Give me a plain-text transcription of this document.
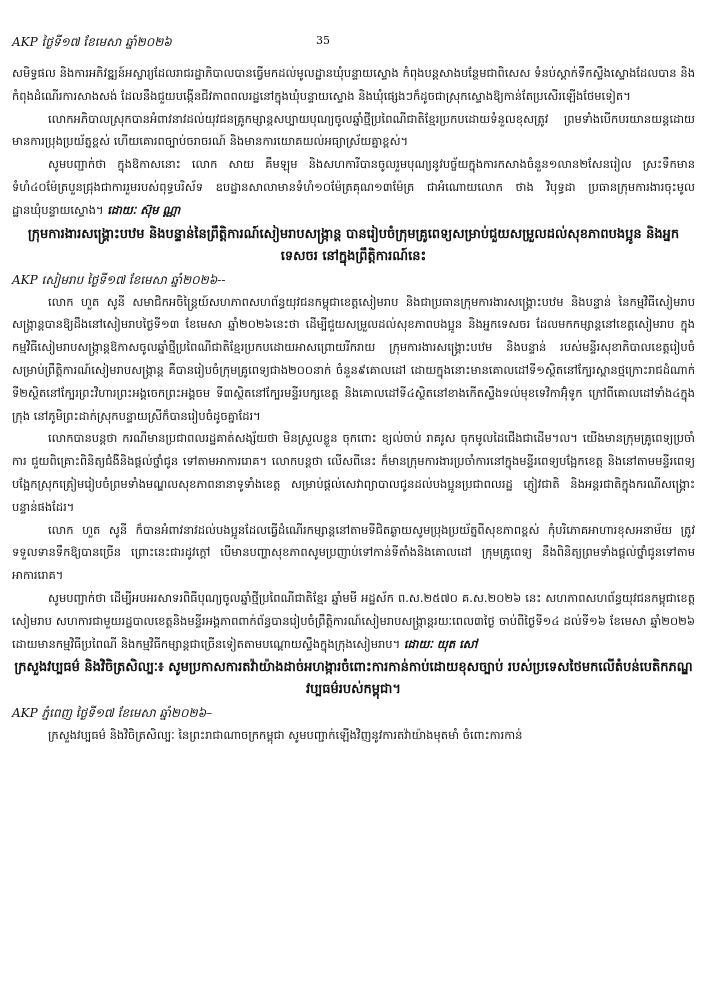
AKP ថ្ងៃទី១៧ ខែមេសា ឆ្នាំ២០២៦	35

សមិទ្ធផល និងការអភិវឌ្ឍន៍អស្ចារ្យដែលរាជរដ្ឋាភិបាលបានធ្វើមកដល់មូលដ្ឋានឃុំបន្ទាយស្ទោង កំពុងបន្តសាងបន្ថែមជាពិសេស ទំនប់ស្តាក់ទឹកស្ទឹងស្ទោងដែលបាន និងកំពុងដំណើរការសាងសង់ ដែលនឹងជួយបង្កើនជីវភាពពលរដ្ឋនៅក្នុងឃុំបន្ទាយស្ទោង និងឃុំផ្សេងៗក៏ដូចជាស្រុកស្ទោងឱ្យកាន់តែប្រសើរឡើងថែមទៀត។

លោកអភិបាលស្រុកបានអំពាវនាវដល់យុវជនគ្រូកម្សាន្តសប្បាយបុណ្យចូលឆ្នាំថ្មីប្រពៃណីជាតិខ្មែរប្រកបដោយទំនួលខុសត្រូវ ព្រមទាំងបើកបរយានយន្តដោយមានការប្រុងប្រយ័ត្នខ្ពស់ ហើយគោរពច្បាប់ចរាចរណ៍ និងមានការយោគយល់អធ្យាស្រ័យគ្នាខ្ពស់។

សូមបញ្ជាក់ថា ក្នុងឱកាសនោះ លោក សាយ គឹមឡុម និងសហការីបានចូលរួមបុណ្យនូវបច្ច័យក្នុងការកសាងចំនួន១លាន២សែនរៀល ស្រះទឹកមានទំហំ៤០ម៉ែត្របួនជ្រុងជាការរួមរបស់ពុទ្ធបរិស័ទ ឧបដ្ឋានសាលាមានទំហំ១០ម៉ែត្រគុណ១៣ម៉ែត្រ ជាអំណោយលោក ថាង វិបុទ្ធដា ប្រធានក្រុមការងារចុះមូលដ្ឋានឃុំបន្ទាយស្ទោង។ ដោយៈ ស៊ុម ណ្ណា

ក្រុមការងារសង្គ្រោះបឋម និងបន្ទាន់នៃព្រឹត្តិការណ៍សៀមរាបសង្ក្រាន្ត បានរៀបចំក្រុមគ្រូពេទ្យសម្រាប់ជួយសម្រួលដល់សុខភាពបងប្អូន និងអ្នកទេសចរ នៅក្នុងព្រឹត្តិការណ៍នេះ

AKP សៀមរាប ថ្ងៃទី១៧ ខែមេសា ឆ្នាំ២០២៦--

លោក ហួត សូនី សមាជិកអចិន្ត្រៃយ៍សហភាពសហព័ន្ធយុវជនកម្ពុជាខេត្តសៀមរាប និងជាប្រធានក្រុមការងារសង្គ្រោះបឋម និងបន្ទាន់ នៃកម្មវិធីសៀមរាបសង្ក្រាន្តបានឱ្យដឹងនៅសៀមរាបថ្ងៃទី១៣ ខែមេសា ឆ្នាំ២០២៦នេះថា ដើម្បីជួយសម្រួលដល់សុខភាពបងប្អូន និងអ្នកទេសចរ ដែលមកកម្សាន្តនៅខេត្តសៀមរាប ក្នុងកម្មវិធីសៀមរាបសង្ក្រាន្តឱកាសចូលឆ្នាំថ្មីប្រពៃណីជាតិខ្មែរប្រកបដោយអាសព្រោយរីករាយ ក្រុមការងារសង្គ្រោះបឋម និងបន្ទាន់ របស់មន្ទីរសុខាភិបាលខេត្តរៀបចំសម្រាប់ព្រឹត្តិការណ៍សៀមរាបសង្ក្រាន្ត គឺបានរៀបចំក្រុមគ្រូពេទ្យជាង២០០នាក់ ចំនួន៩គោលដៅ ដោយក្នុងនោះមានគោលដៅទី១ស្ថិតនៅក្បែរស្ពានថ្មក្រោះរាជដំណាក់ ទី២ស្ថិតនៅក្បែរព្រះវិហារព្រះអង្គចេកព្រះអង្គចម ទី៣ស្ថិតនៅក្បែរមន្ទីរបក្សខេត្ត និងគោលដៅទី៤ស្ថិតនៅខាងកើតស្ទឹងទល់មុខទេវិកាអ៊ុំទូក ក្រៅពីគោលដៅទាំង៤ក្នុងក្រុង នៅភូមិព្រះដាក់ស្រុកបន្ទាយស្រីក៏បានរៀបចំដូចគ្នាដែរ។

លោកបានបន្តថា ករណីមានប្រជាពលរដ្ឋគាត់សង្ស័យថា មិនស្រួលខ្លួន ចុកពោះ ខ្យល់ចាប់ រាគរូស ចុកមូលដៃជើងជាដើម។ល។ យើងមានក្រុមគ្រូពេទ្យប្រចាំការ ជួយពិគ្រោះពិនិត្យជំងឺនិងផ្តល់ថ្នាំជូន ទៅតាមអាការរោគ។ លោកបន្តថា លើសពីនេះ ក៏មានក្រុមការងារប្រចាំការនៅក្នុងមន្ទីរពេទ្យបង្អែកខេត្ត និងនៅតាមមន្ទីរពេទ្យបង្អែកស្រុកត្រៀមរៀបចំព្រមទាំងមណ្ឌលសុខភាពនានាទូទាំងខេត្ត សម្រាប់ផ្តល់សេវាព្យាបាលជូនដល់បងប្អូនប្រជាពលរដ្ឋ ភ្ញៀវជាតិ និងអន្តរជាតិក្នុងករណីសង្គ្រោះបន្ទាន់ផងដែរ។

លោក ហួត សូនី ក៏បានអំពាវនាវដល់បងប្អូនដែលធ្វើដំណើរកម្សាន្តនៅតាមទីជិតឆ្ងាយសូមប្រុងប្រយ័ត្នពីសុខភាពខ្ពស់ កុំបរិភោគអាហារខុសអនាម័យ ត្រូវទទួលទានទឹកឱ្យបានច្រើន ព្រោះនេះជារដូវក្តៅ បើមានបញ្ហាសុខភាពសូមប្រញាប់ទៅកាន់ទីតាំងនិងគោលដៅ ក្រុមគ្រូពេទ្យ នឹងពិនិត្យព្រមទាំងផ្តល់ថ្នាំជូនទៅតាមអាការរោគ។

សូមបញ្ជាក់ថា ដើម្បីអបអរសាទរពិធីបុណ្យចូលឆ្នាំថ្មីប្រពៃណីជាតិខ្មែរ ឆ្នាំមមី អដ្ឋស័ក ព.ស.២៥៧០ គ.ស.២០២៦ នេះ សហភាពសហព័ន្ធយុវជនកម្ពុជាខេត្តសៀមរាប សហការជាមួយរដ្ឋបាលខេត្តនិងមន្ទីរអង្គភាពពាក់ព័ន្ធបានរៀបចំព្រឹត្តិការណ៍សៀមរាបសង្ក្រាន្តរយៈពេល៣ថ្ងៃ ចាប់ពីថ្ងៃទី១៤ ដល់ទី១៦ ខែមេសា ឆ្នាំ២០២៦ ដោយមានកម្មវិធីប្រពៃណី និងកម្មវិធីកម្សាន្តជាច្រើនទៀតតាមបណ្តោយស្ទឹងក្នុងក្រុងសៀមរាប។ ដោយៈ យុត សៅ

ក្រសួងវប្បធម៌ និងវិចិត្រសិល្បៈ៖ សូមប្រកាសការតវ៉ាយ៉ាងដាច់អហង្ការចំពោះការកាន់កាប់ដោយខុសច្បាប់ របស់ប្រទេសថៃមកលើតំបន់បេតិកភណ្ឌវប្បធម៌របស់កម្ពុជា។

AKP ភ្នំពេញ ថ្ងៃទី១៧ ខែមេសា ឆ្នាំ២០២៦–

ក្រសួងវប្បធម៌ និងវិចិត្រសិល្បៈ នៃព្រះរាជាណាចក្រកម្ពុជា សូមបញ្ជាក់ឡើងវិញនូវការតវ៉ាយ៉ាងមុតមាំ ចំពោះការកាន់
